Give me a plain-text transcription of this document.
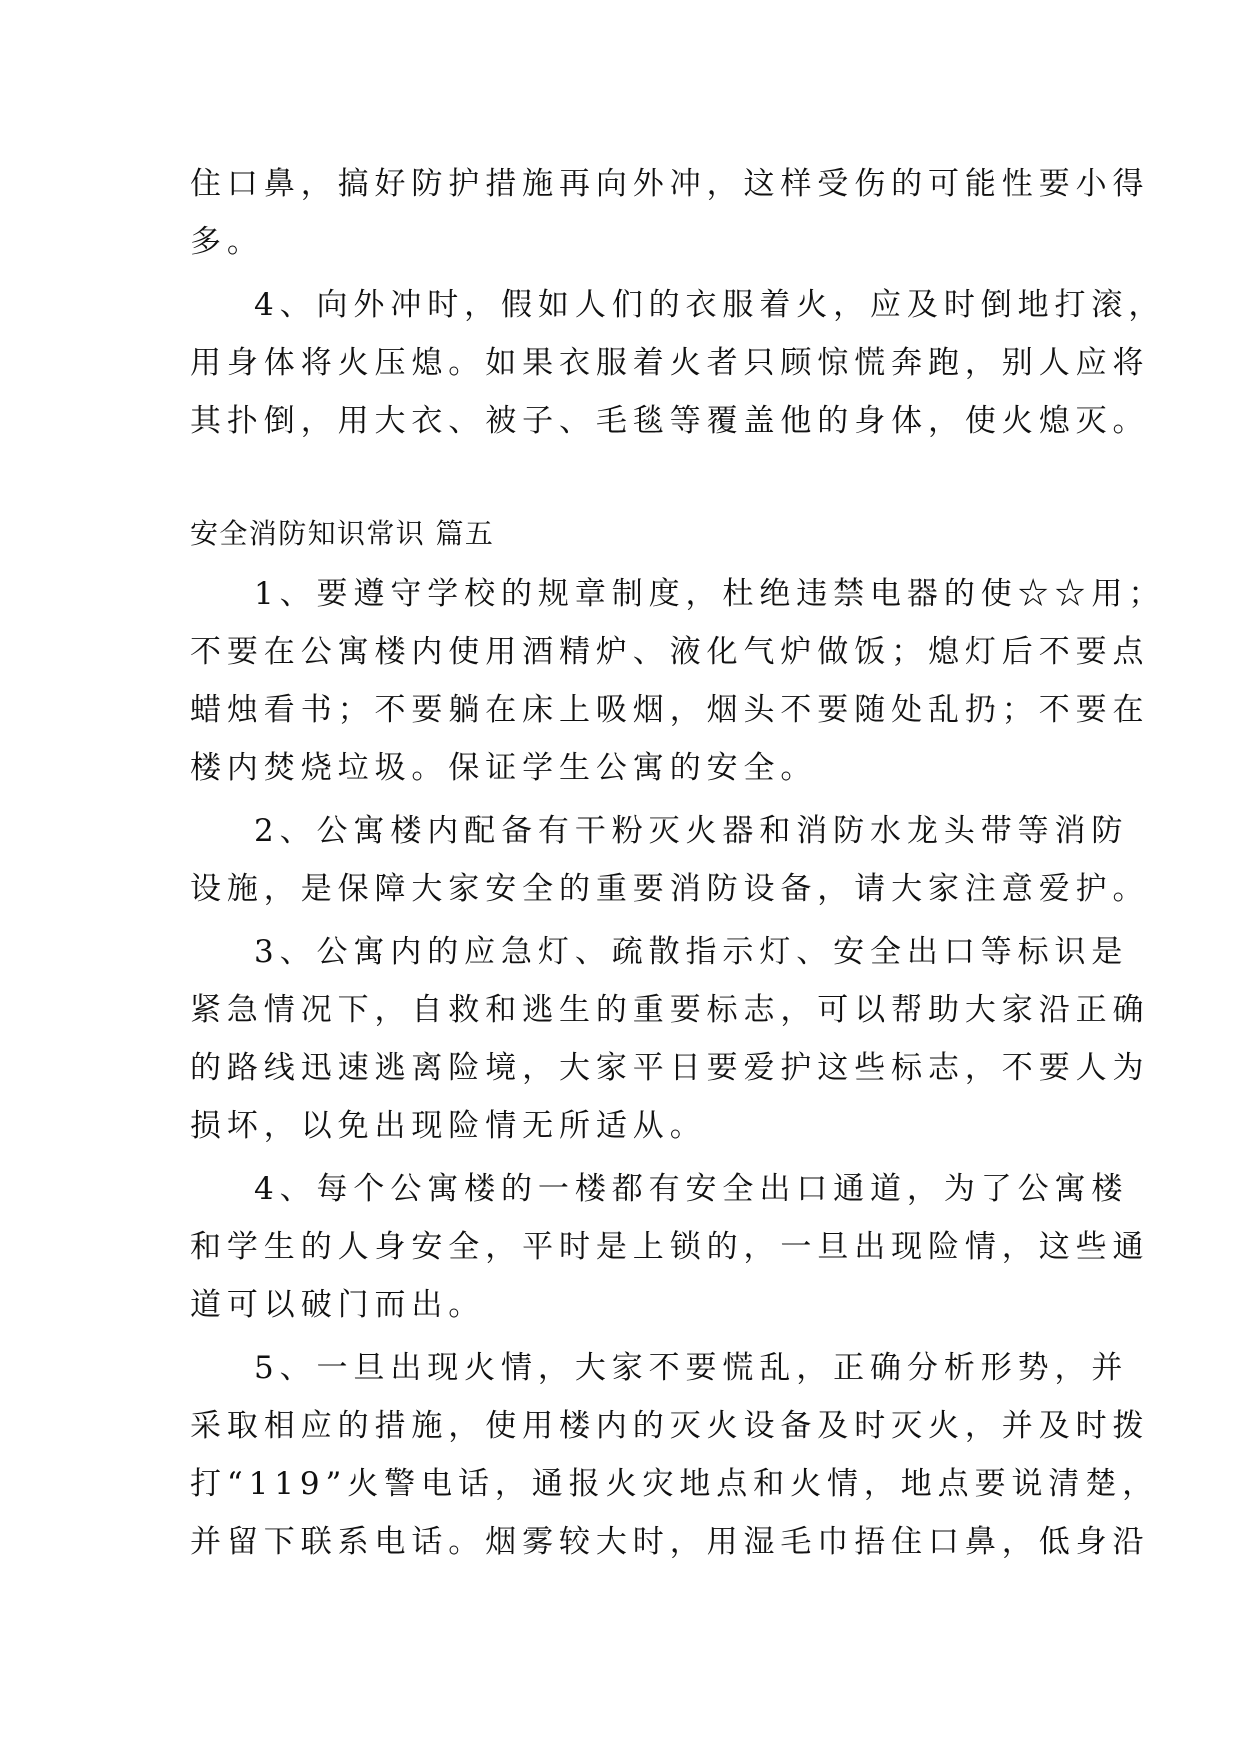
住口鼻，搞好防护措施再向外冲，这样受伤的可能性要小得

多。

4、向外冲时，假如人们的衣服着火，应及时倒地打滚，

用身体将火压熄。如果衣服着火者只顾惊慌奔跑，别人应将

其扑倒，用大衣、被子、毛毯等覆盖他的身体，使火熄灭。

安全消防知识常识 篇五

1、要遵守学校的规章制度，杜绝违禁电器的使☆☆用；

不要在公寓楼内使用酒精炉、液化气炉做饭；熄灯后不要点

蜡烛看书；不要躺在床上吸烟，烟头不要随处乱扔；不要在

楼内焚烧垃圾。保证学生公寓的安全。

2、公寓楼内配备有干粉灭火器和消防水龙头带等消防

设施，是保障大家安全的重要消防设备，请大家注意爱护。

3、公寓内的应急灯、疏散指示灯、安全出口等标识是

紧急情况下，自救和逃生的重要标志，可以帮助大家沿正确

的路线迅速逃离险境，大家平日要爱护这些标志，不要人为

损坏，以免出现险情无所适从。

4、每个公寓楼的一楼都有安全出口通道，为了公寓楼

和学生的人身安全，平时是上锁的，一旦出现险情，这些通

道可以破门而出。

5、一旦出现火情，大家不要慌乱，正确分析形势，并

采取相应的措施，使用楼内的灭火设备及时灭火，并及时拨

打“119”火警电话，通报火灾地点和火情，地点要说清楚，

并留下联系电话。烟雾较大时，用湿毛巾捂住口鼻，低身沿
